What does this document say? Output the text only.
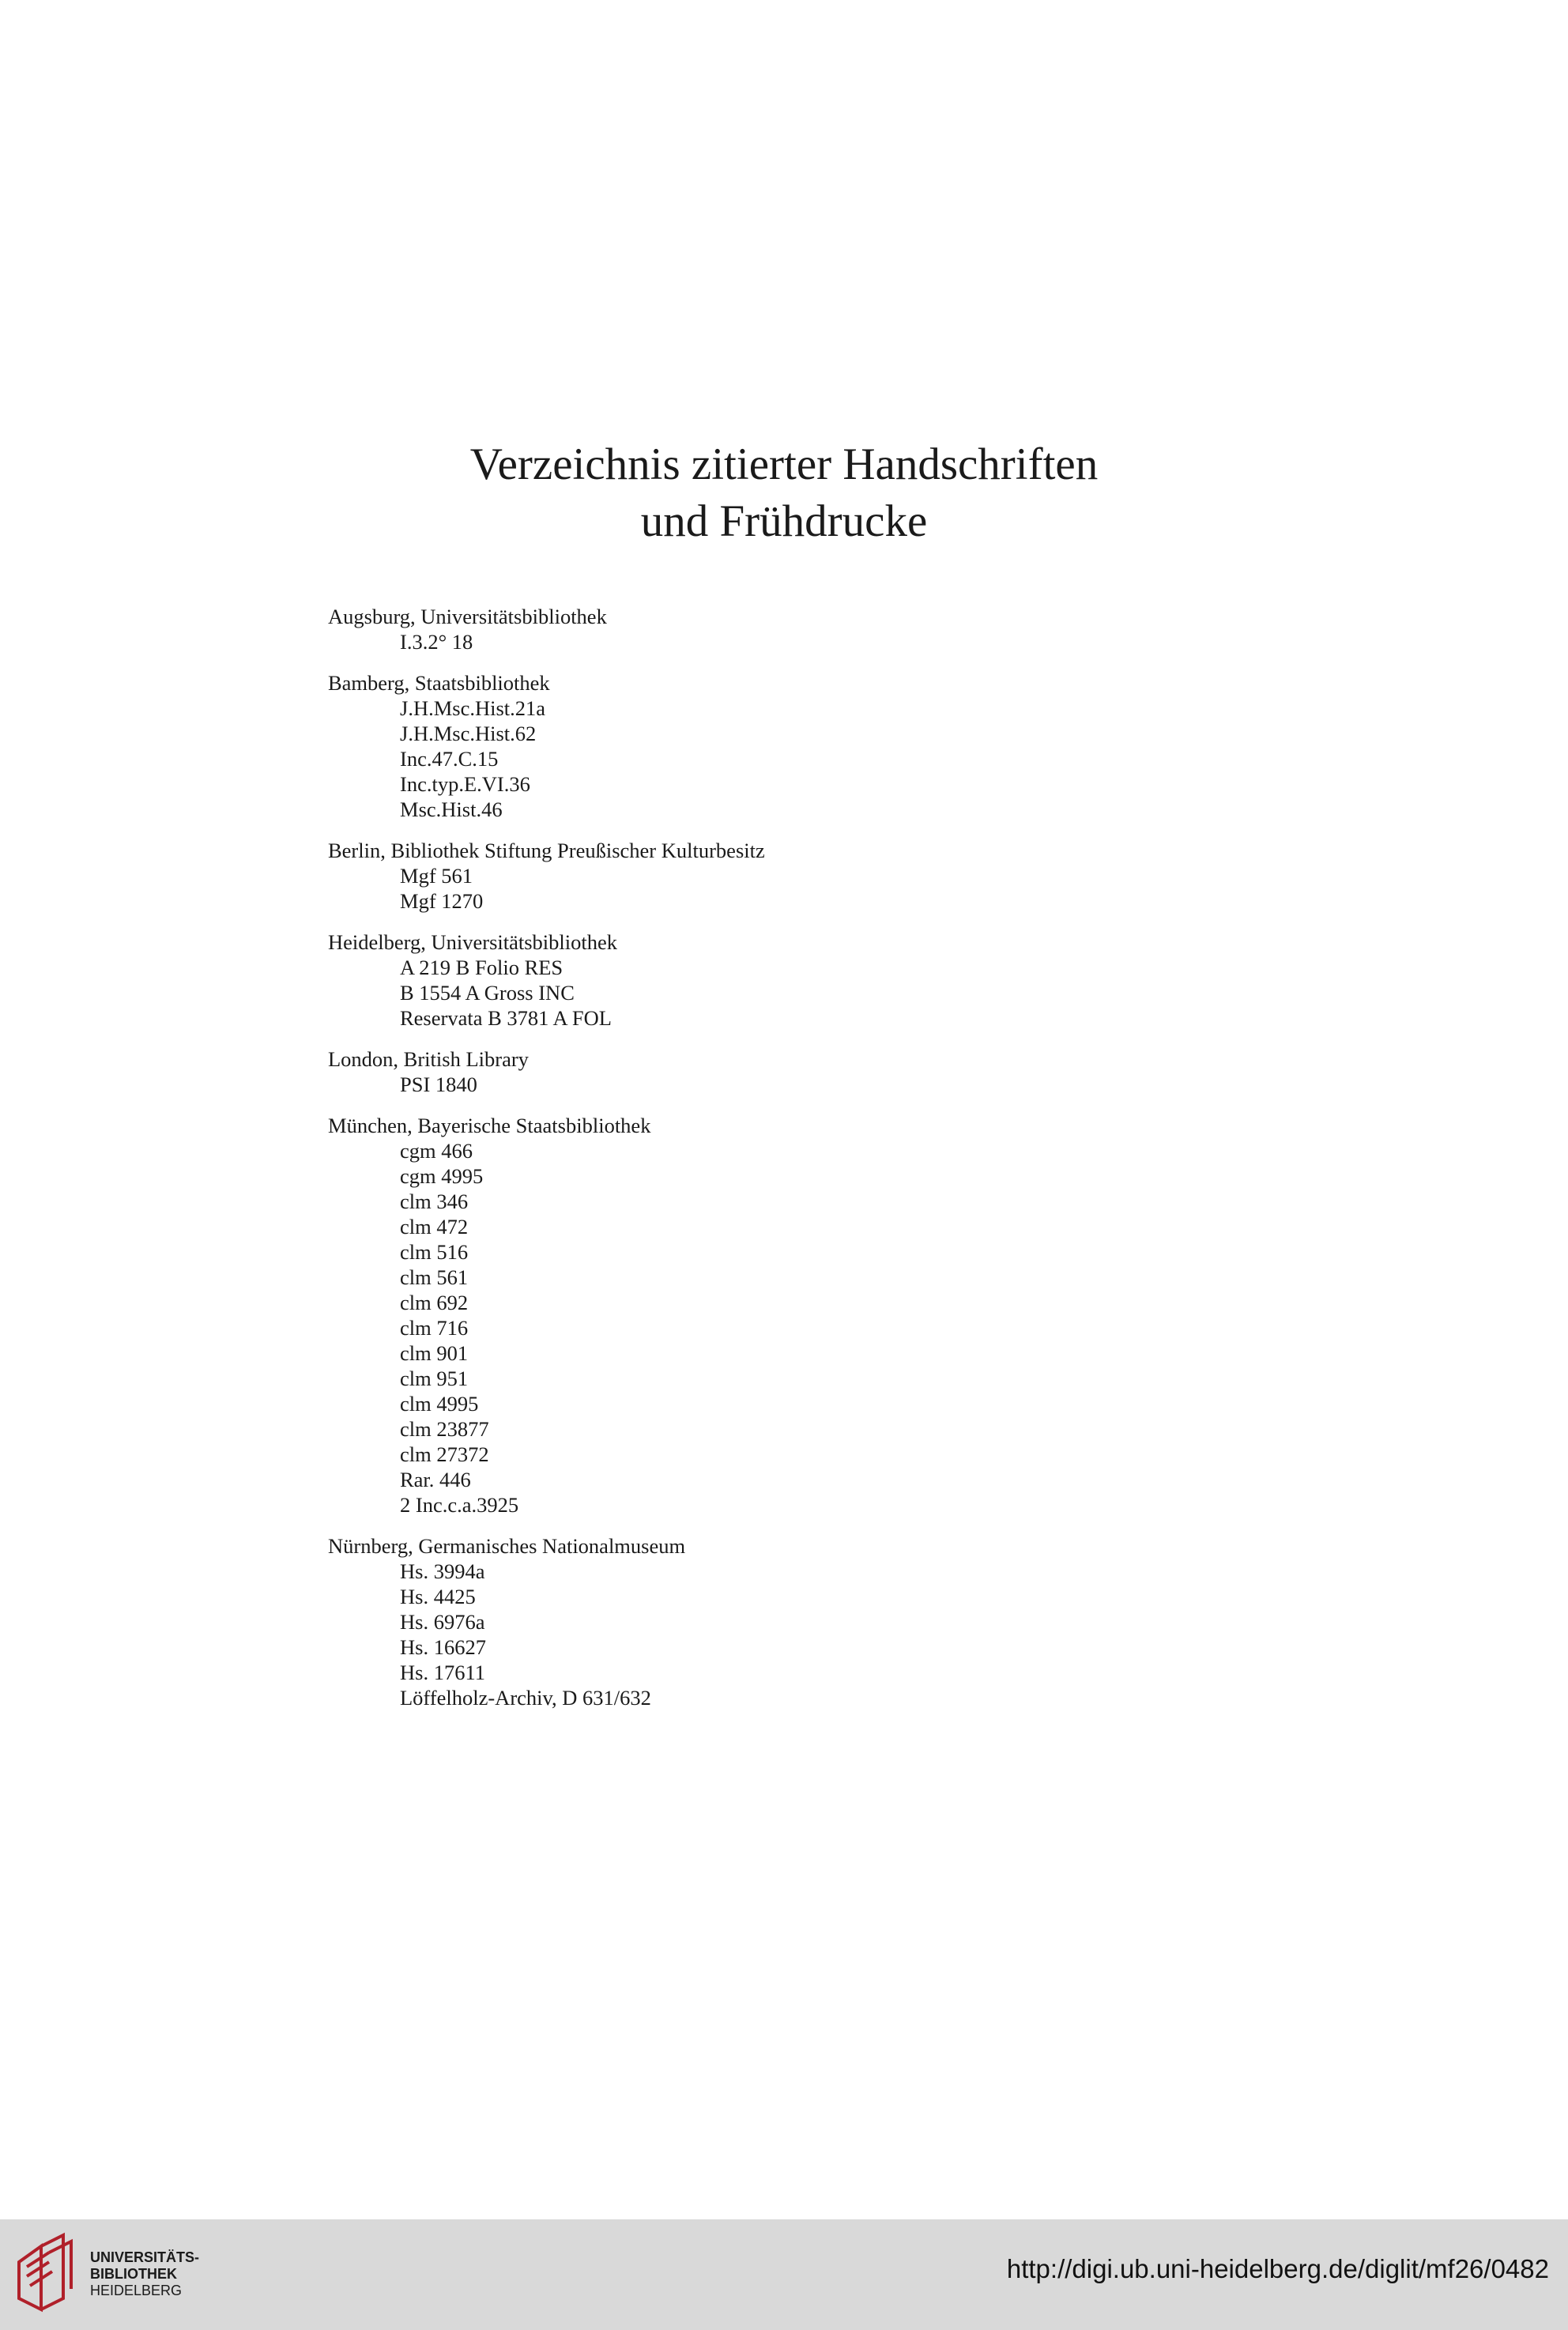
Verzeichnis zitierter Handschriften
und Frühdrucke
Augsburg, Universitätsbibliothek
I.3.2° 18
Bamberg, Staatsbibliothek
J.H.Msc.Hist.21a
J.H.Msc.Hist.62
Inc.47.C.15
Inc.typ.E.VI.36
Msc.Hist.46
Berlin, Bibliothek Stiftung Preußischer Kulturbesitz
Mgf 561
Mgf 1270
Heidelberg, Universitätsbibliothek
A 219 B Folio RES
B 1554 A Gross INC
Reservata B 3781 A FOL
London, British Library
PSI 1840
München, Bayerische Staatsbibliothek
cgm 466
cgm 4995
clm 346
clm 472
clm 516
clm 561
clm 692
clm 716
clm 901
clm 951
clm 4995
clm 23877
clm 27372
Rar. 446
2 Inc.c.a.3925
Nürnberg, Germanisches Nationalmuseum
Hs. 3994a
Hs. 4425
Hs. 6976a
Hs. 16627
Hs. 17611
Löffelholz-Archiv, D 631/632
UNIVERSITÄTS-
BIBLIOTHEK
HEIDELBERG
http://digi.ub.uni-heidelberg.de/diglit/mf26/0482
